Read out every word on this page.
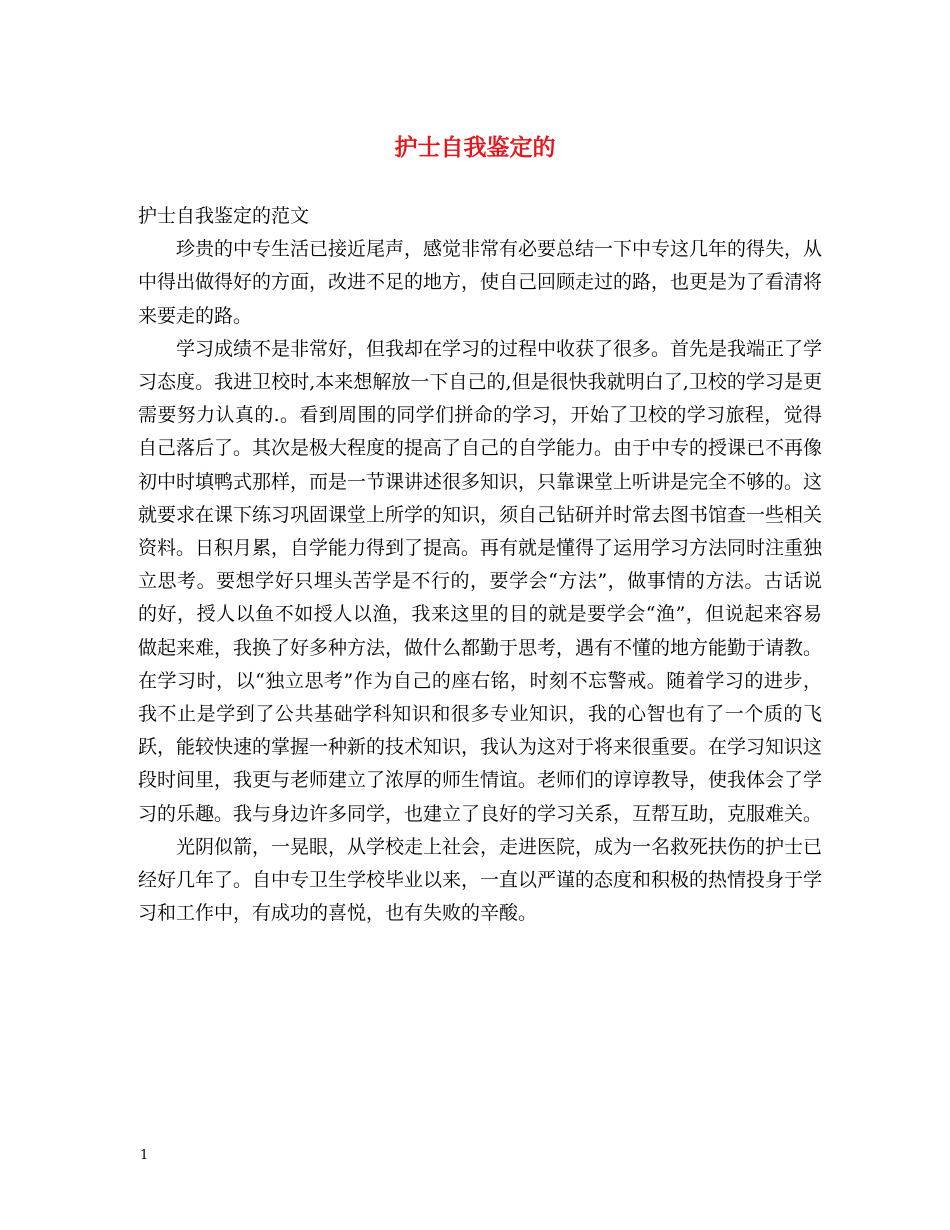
护士自我鉴定的

护士自我鉴定的范文

珍贵的中专生活已接近尾声，感觉非常有必要总结一下中专这几年的得失，从中得出做得好的方面，改进不足的地方，使自己回顾走过的路，也更是为了看清将来要走的路。

学习成绩不是非常好，但我却在学习的过程中收获了很多。首先是我端正了学习态度。我进卫校时,本来想解放一下自己的,但是很快我就明白了,卫校的学习是更需要努力认真的.。看到周围的同学们拼命的学习，开始了卫校的学习旅程，觉得自己落后了。其次是极大程度的提高了自己的自学能力。由于中专的授课已不再像初中时填鸭式那样，而是一节课讲述很多知识，只靠课堂上听讲是完全不够的。这就要求在课下练习巩固课堂上所学的知识，须自己钻研并时常去图书馆查一些相关资料。日积月累，自学能力得到了提高。再有就是懂得了运用学习方法同时注重独立思考。要想学好只埋头苦学是不行的，要学会“方法”，做事情的方法。古话说的好，授人以鱼不如授人以渔，我来这里的目的就是要学会“渔”，但说起来容易做起来难，我换了好多种方法，做什么都勤于思考，遇有不懂的地方能勤于请教。在学习时，以“独立思考”作为自己的座右铭，时刻不忘警戒。随着学习的进步，我不止是学到了公共基础学科知识和很多专业知识，我的心智也有了一个质的飞跃，能较快速的掌握一种新的技术知识，我认为这对于将来很重要。在学习知识这段时间里，我更与老师建立了浓厚的师生情谊。老师们的谆谆教导，使我体会了学习的乐趣。我与身边许多同学，也建立了良好的学习关系，互帮互助，克服难关。

光阴似箭，一晃眼，从学校走上社会，走进医院，成为一名救死扶伤的护士已经好几年了。自中专卫生学校毕业以来，一直以严谨的态度和积极的热情投身于学习和工作中，有成功的喜悦，也有失败的辛酸。

1
